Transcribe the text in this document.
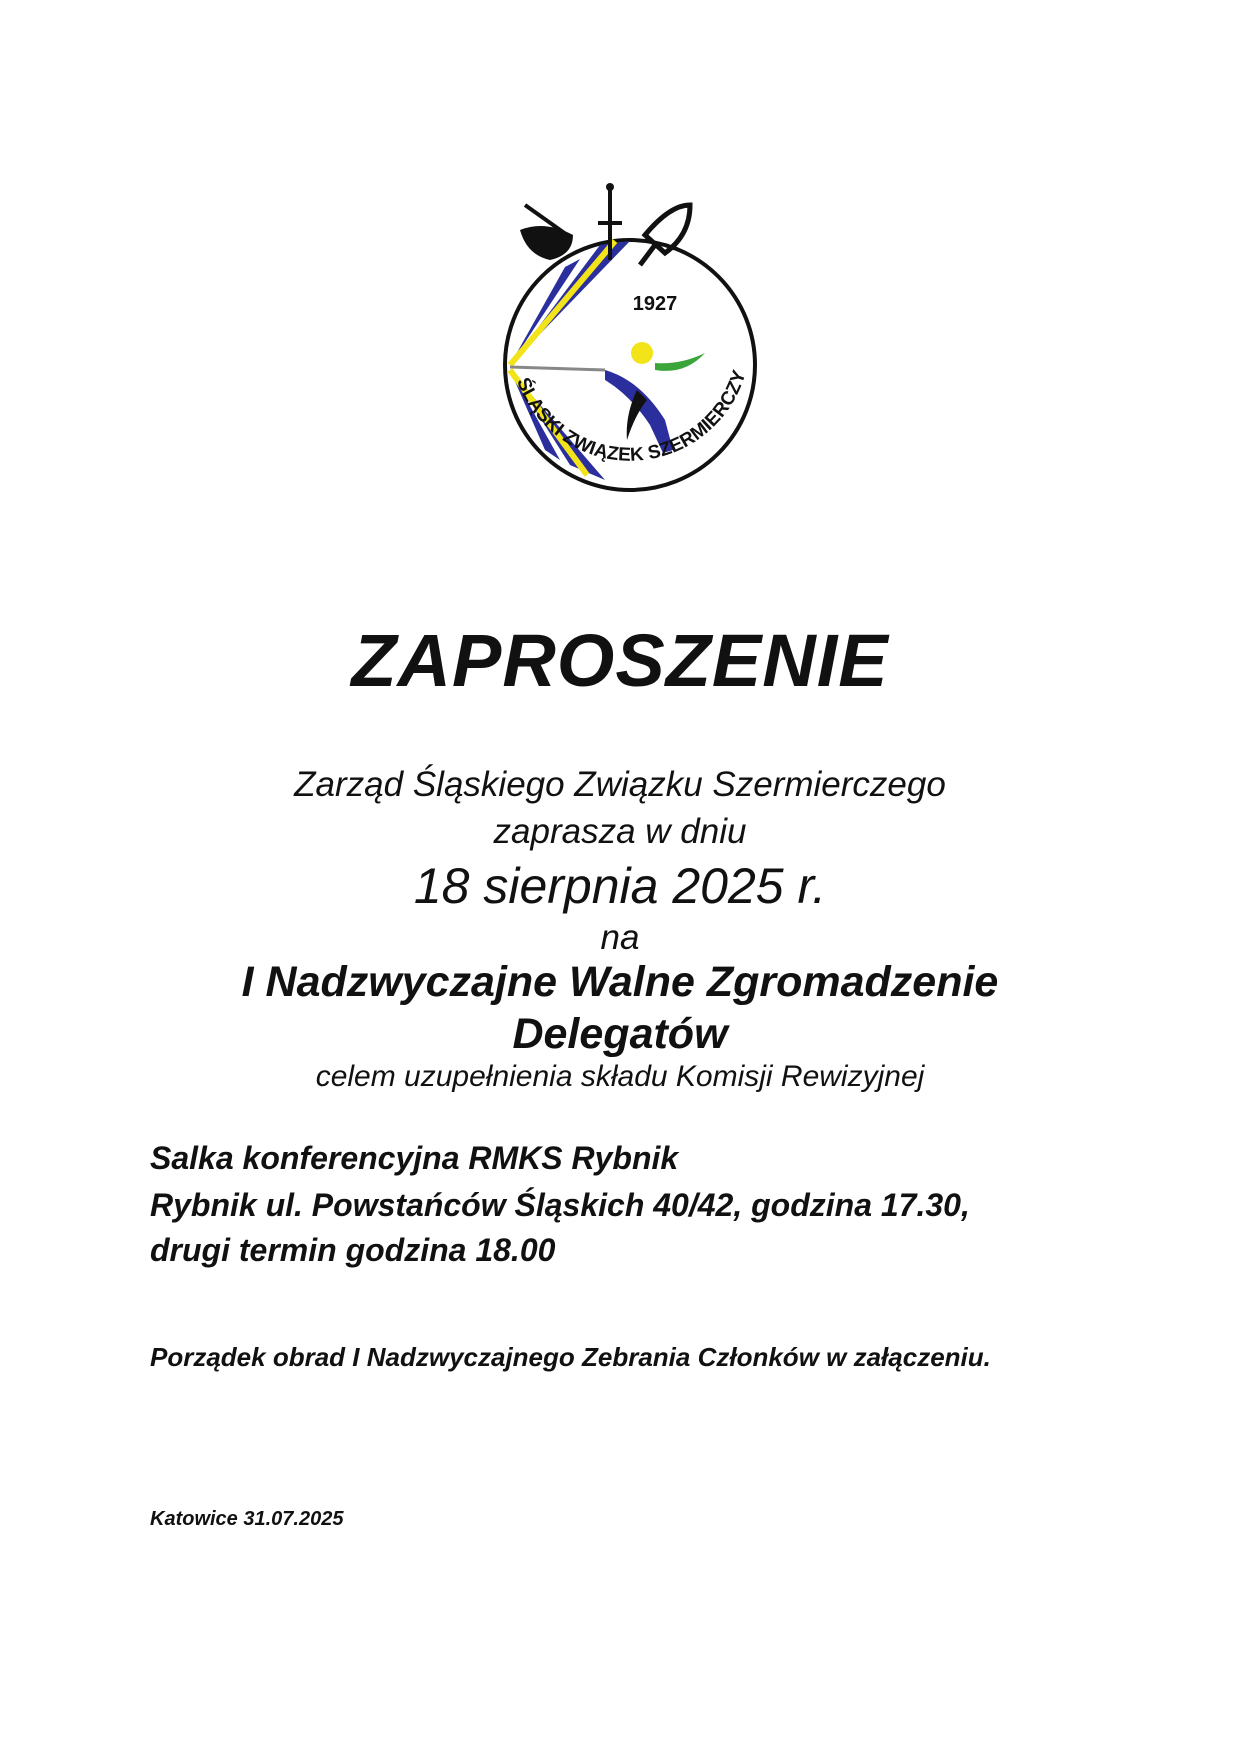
1927
ŚLĄSKI ZWIĄZEK SZERMIERCZY
ZAPROSZENIE
Zarząd Śląskiego Związku Szermierczego
zaprasza w dniu
18 sierpnia 2025 r.
na
I Nadzwyczajne Walne Zgromadzenie
Delegatów
celem uzupełnienia składu Komisji Rewizyjnej
Salka konferencyjna RMKS Rybnik
Rybnik ul. Powstańców Śląskich 40/42, godzina 17.30,
drugi termin godzina 18.00
Porządek obrad I Nadzwyczajnego Zebrania Członków w załączeniu.
Katowice 31.07.2025
